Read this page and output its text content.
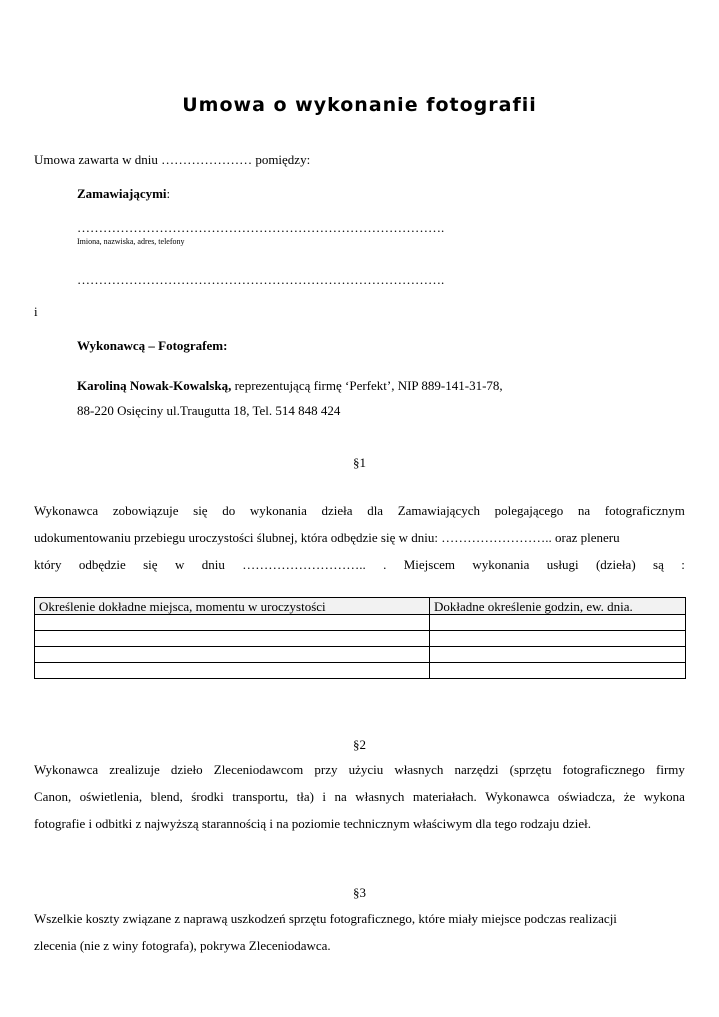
Umowa o wykonanie fotografii
Umowa zawarta w dniu ………………… pomiędzy:
Zamawiającymi:
………………………………………………………………………….
Imiona, nazwiska, adres, telefony
………………………………………………………………………….
i
Wykonawcą – Fotografem:
Karoliną Nowak-Kowalską, reprezentującą firmę ‘Perfekt’, NIP 889-141-31-78,
88-220 Osięciny ul.Traugutta 18, Tel. 514 848 424
§1
Wykonawca zobowiązuje się do wykonania dzieła dla Zamawiających polegającego na fotograficznym
udokumentowaniu przebiegu uroczystości ślubnej, która odbędzie się w dniu: …………………….. oraz pleneru
który odbędzie się w dniu ……………………….. . Miejscem wykonania usługi (dzieła) są :
Określenie dokładne miejsca, momentu w uroczystości	Dokładne określenie godzin, ew. dnia.

§2
Wykonawca zrealizuje dzieło Zleceniodawcom przy użyciu własnych narzędzi (sprzętu fotograficznego firmy
Canon, oświetlenia, blend, środki transportu, tła) i na własnych materiałach. Wykonawca oświadcza, że wykona
fotografie i odbitki z najwyższą starannością i na poziomie technicznym właściwym dla tego rodzaju dzieł.
§3
Wszelkie koszty związane z naprawą uszkodzeń sprzętu fotograficznego, które miały miejsce podczas realizacji
zlecenia (nie z winy fotografa), pokrywa Zleceniodawca.
